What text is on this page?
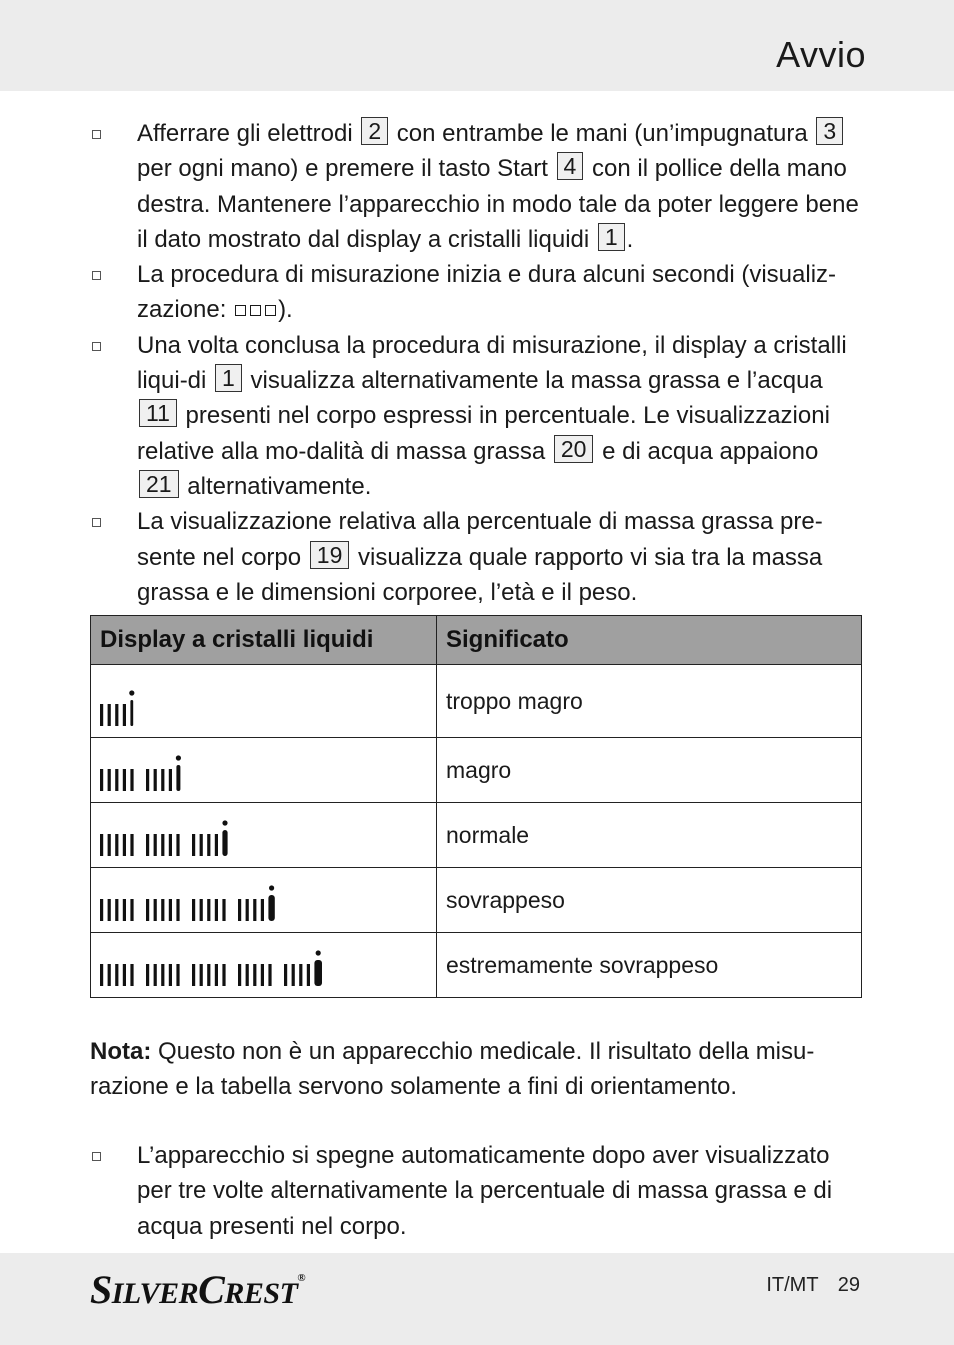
Avvio
Afferrare gli elettrodi 2 con entrambe le mani (un’impugnatura 3 per ogni mano) e premere il tasto Start 4 con il pollice della mano destra. Mantenere l’apparecchio in modo tale da poter leggere bene il dato mostrato dal display a cristalli liquidi 1 .
La procedura di misurazione inizia e dura alcuni secondi (visualiz-zazione: ).
Una volta conclusa la procedura di misurazione, il display a cristalli liqui-di 1 visualizza alternativamente la massa grassa e l’acqua 11 presenti nel corpo espressi in percentuale. Le visualizzazioni relative alla mo-dalità di massa grassa 20 e di acqua appaiono 21 alternativamente.
La visualizzazione relativa alla percentuale di massa grassa pre-sente nel corpo 19 visualizza quale rapporto vi sia tra la massa grassa e le dimensioni corporee, l’età e il peso.
Display a cristalli liquidi	Significato

	troppo magro

	magro

	normale

	sovrappeso

	estremamente sovrappeso
Nota: Questo non è un apparecchio medicale. Il risultato della misu-razione e la tabella servono solamente a fini di orientamento.
L’apparecchio si spegne automaticamente dopo aver visualizzato per tre volte alternativamente la percentuale di massa grassa e di acqua presenti nel corpo.
SILVERCREST®	IT/MT 29
